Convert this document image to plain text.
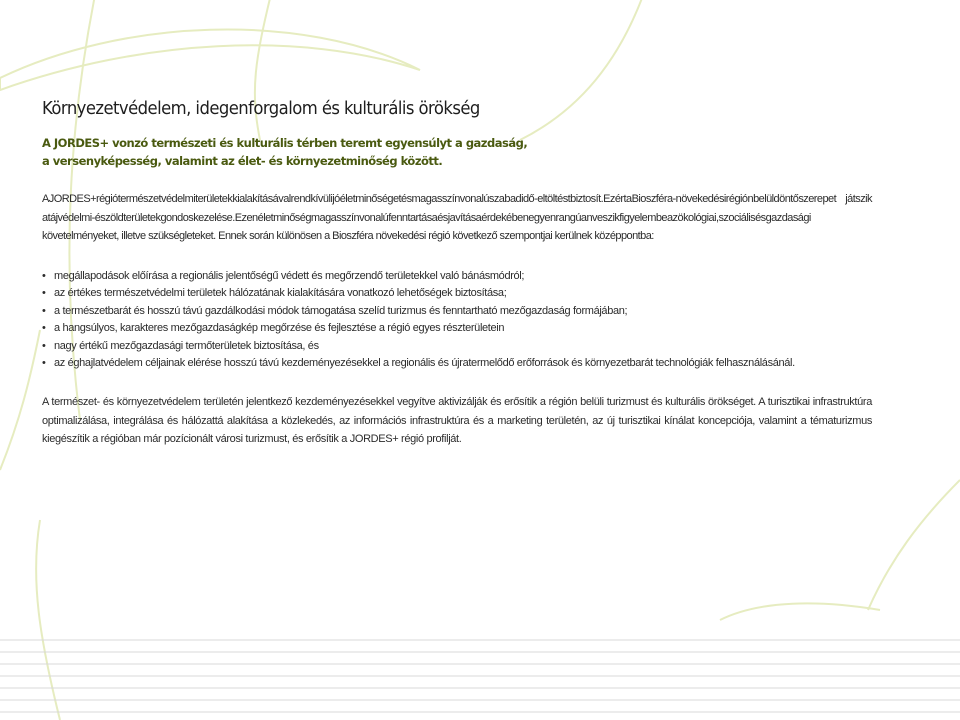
Környezetvédelem, idegenforgalom és kulturális örökség
A JORDES+ vonzó természeti és kulturális térben teremt egyensúlyt a gazdaság,
a versenyképesség, valamint az élet- és környezetminőség között.

AJORDES+régiótermészetvédelmiterületekkialakításávalrendkívülijóéletminőségetésmagasszínvonalúszabadidő-eltöltéstbiztosít.EzértaBioszféra-növekedésirégiónbelüldöntőszerepet játszik atájvédelmi-észöldterületekgondoskezelése.Ezenéletminőségmagasszínvonalúfenntartásaésjavításaérdekébenegyenrangúanveszikfigyelembeazökológiai,szociálisésgazdasági követelményeket, illetve szükségleteket. Ennek során különösen a Bioszféra növekedési régió következő szempontjai kerülnek középpontba:

• megállapodások előírása a regionális jelentőségű védett és megőrzendő területekkel való bánásmódról;
• az értékes természetvédelmi területek hálózatának kialakítására vonatkozó lehetőségek biztosítása;
• a természetbarát és hosszú távú gazdálkodási módok támogatása szelíd turizmus és fenntartható mezőgazdaság formájában;
• a hangsúlyos, karakteres mezőgazdaságkép megőrzése és fejlesztése a régió egyes részterületein
• nagy értékű mezőgazdasági termőterületek biztosítása, és
• az éghajlatvédelem céljainak elérése hosszú távú kezdeményezésekkel a regionális és újratermelődő erőforrások és környezetbarát technológiák felhasználásánál.

A természet- és környezetvédelem területén jelentkező kezdeményezésekkel vegyítve aktivizálják és erősítik a régión belüli turizmust és kulturális örökséget. A turisztikai infrastruktúra optimalizálása, integrálása és hálózattá alakítása a közlekedés, az információs infrastruktúra és a marketing területén, az új turisztikai kínálat koncepciója, valamint a tématurizmus kiegészítik a régióban már pozícionált városi turizmust, és erősítik a JORDES+ régió profilját.
